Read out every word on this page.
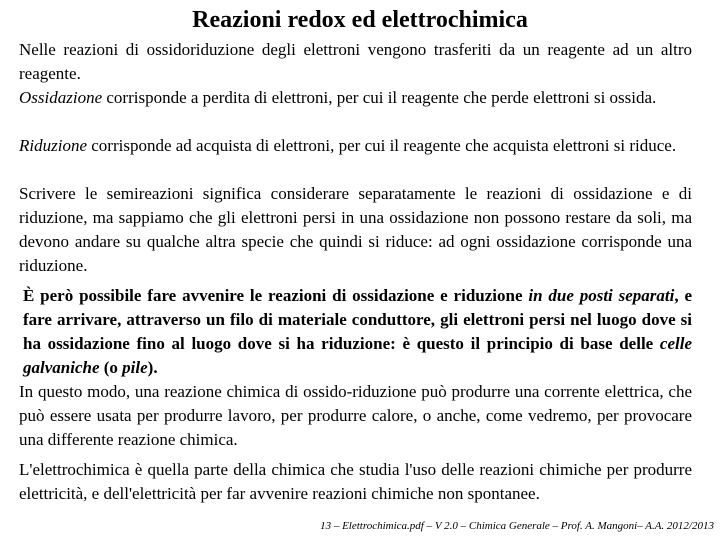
Reazioni redox ed elettrochimica
Nelle reazioni di ossidoriduzione degli elettroni vengono trasferiti da un reagente ad un altro reagente.
Ossidazione corrisponde a perdita di elettroni, per cui il reagente che perde elettroni si ossida.
Riduzione corrisponde ad acquista di elettroni, per cui il reagente che acquista elettroni si riduce.
Scrivere le semireazioni significa considerare separatamente le reazioni di ossidazione e di riduzione, ma sappiamo che gli elettroni persi in una ossidazione non possono restare da soli, ma devono andare su qualche altra specie che quindi si riduce: ad ogni ossidazione corrisponde una riduzione.
È però possibile fare avvenire le reazioni di ossidazione e riduzione in due posti separati, e fare arrivare, attraverso un filo di materiale conduttore, gli elettroni persi nel luogo dove si ha ossidazione fino al luogo dove si ha riduzione: è questo il principio di base delle celle galvaniche (o pile).
In questo modo, una reazione chimica di ossido-riduzione può produrre una corrente elettrica, che può essere usata per produrre lavoro, per produrre calore, o anche, come vedremo, per provocare una differente reazione chimica.
L'elettrochimica è quella parte della chimica che studia l'uso delle reazioni chimiche per produrre elettricità, e dell'elettricità per far avvenire reazioni chimiche non spontanee.
13 – Elettrochimica.pdf – V 2.0 – Chimica Generale – Prof. A. Mangoni– A.A. 2012/2013
